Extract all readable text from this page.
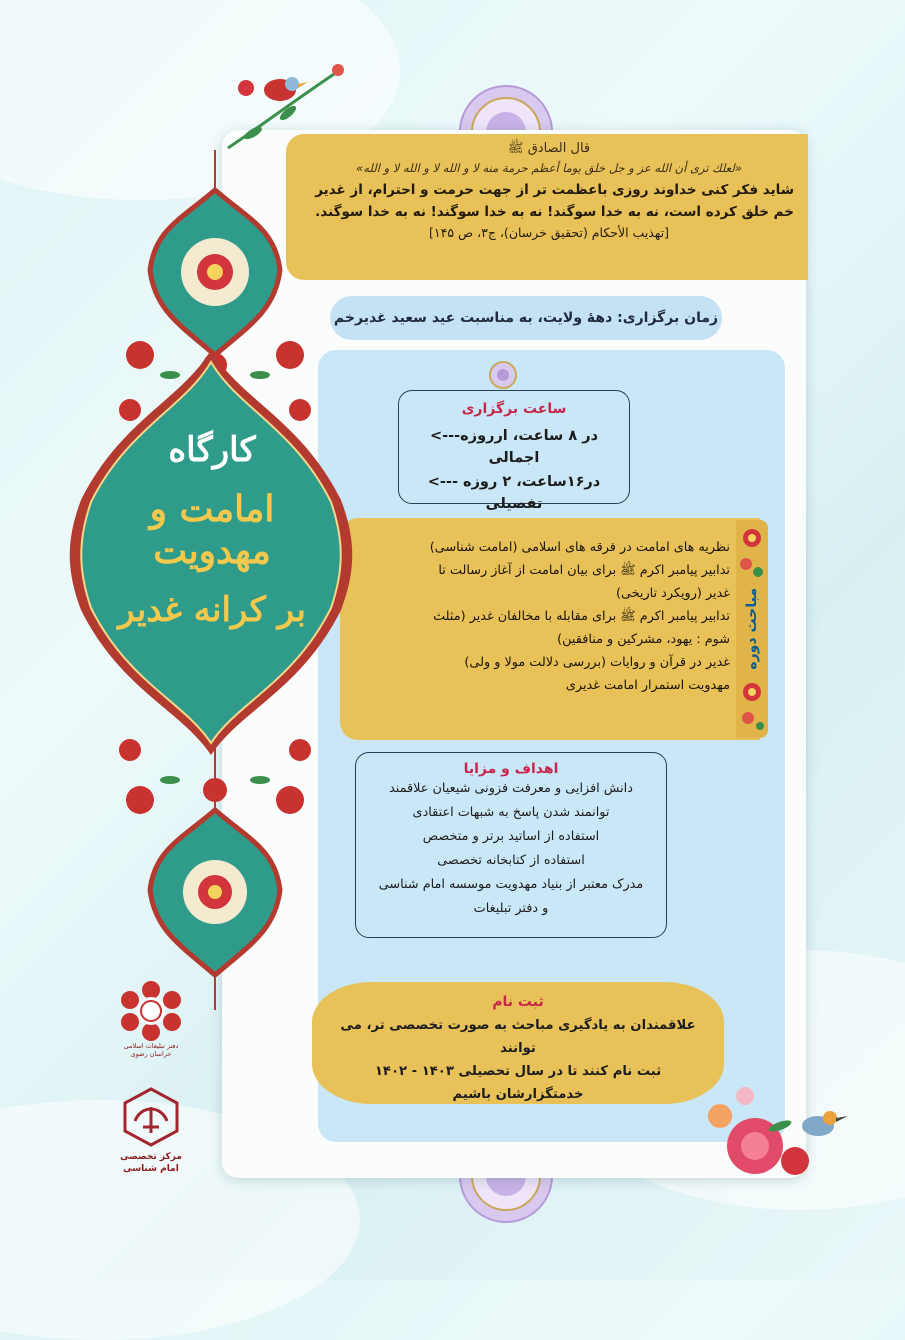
قال الصادق ﷺ
«لعلك ترى أن الله عز و جل خلق يوما أعظم حرمة منه لا و الله لا و الله لا و الله»
شاید فکر کنی خداوند روزی باعظمت تر از جهت حرمت و احترام، از غدیر خم خلق کرده است، نه به خدا سوگند! نه به خدا سوگند! نه به خدا سوگند.
[تهذیب الأحکام (تحقیق خرسان)، ج۳، ص ۱۴۵]
زمان برگزاری: دههٔ ولایت، به مناسبت عید سعید غدیرخم
ساعت برگزاری
در ۸ ساعت، ارروزه---> اجمالی
در۱۶ساعت، ۲ روزه ---> تفصیلی
نظریه های امامت در فرقه های اسلامی (امامت شناسی)
تدابیر پیامبر اکرم ﷺ برای بیان امامت از آغاز رسالت تا
غدیر (رویکرد تاریخی)
تدابیر پیامبر اکرم ﷺ برای مقابله با مخالفان غدیر (مثلث
شوم : یهود، مشرکین و منافقین)
غدیر در قرآن و روایات (بررسی دلالت مولا و ولی)
مهدویت استمرار امامت غدیری
مباحث دوره
اهداف و مزایا
دانش افزایی و معرفت فزونی شیعیان علاقمند
توانمند شدن پاسخ به شبهات اعتقادی
استفاده از اساتید برتر و متخصص
استفاده از کتابخانه تخصصی
مدرک معتبر از بنیاد مهدویت موسسه امام شناسی
و دفتر تبلیغات
ثبت نام
علاقمندان به یادگیری مباحث به صورت تخصصی تر، می توانند
ثبت نام کنند تا در سال تحصیلی ۱۴۰۳ - ۱۴۰۲
خدمتگزارشان باشیم
کارگاه
امامت و مهدویت
بر کرانه غدیر
دفتر تبلیغات اسلامی خراسان رضوی
مرکز تخصصی
امام شناسی
